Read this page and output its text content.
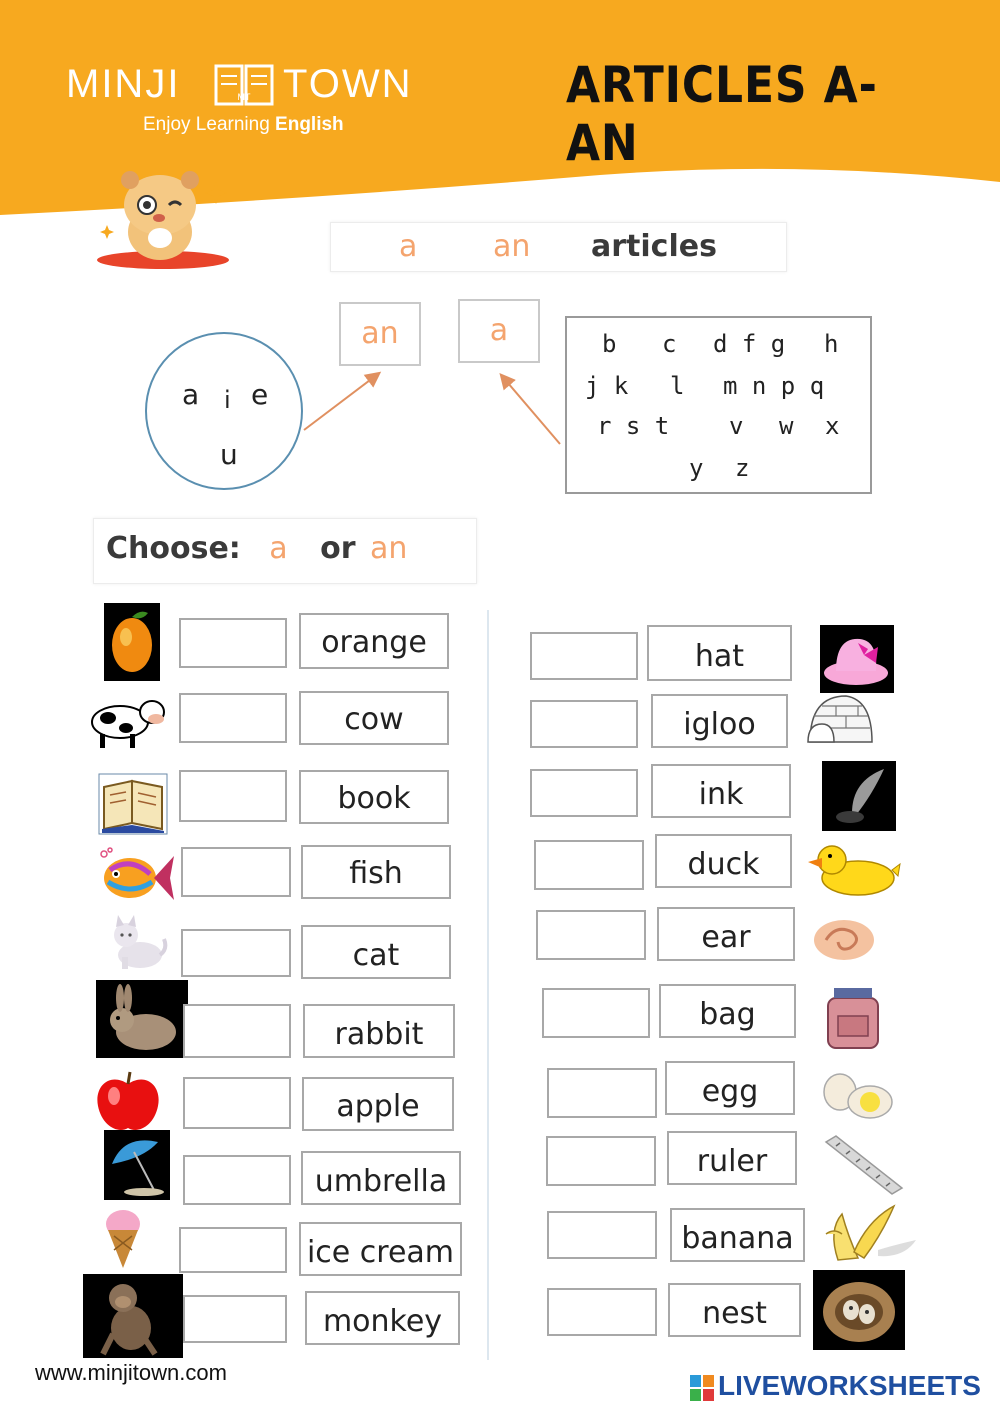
MINJI	MT TOWN
Enjoy Learning English
ARTICLES A-AN
a	an articles
an	a
a i e
u
b c d f g h
j k l m n p q
r s t v w x
y z
Choose: a or an
orange
cow
book
fish
cat
rabbit
apple
umbrella
ice cream
monkey
hat
igloo
ink
duck
ear
bag
egg
ruler
banana
nest
www.minjitown.com	LIVEWORKSHEETS
